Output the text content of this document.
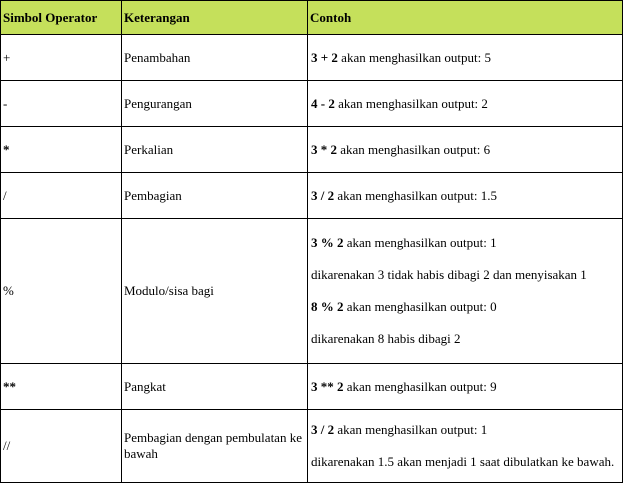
Simbol Operator	Keterangan	Contoh
+	Penambahan	3 + 2 akan menghasilkan output: 5

-	Pengurangan	4 - 2 akan menghasilkan output: 2

*	Perkalian	3 * 2 akan menghasilkan output: 6

/	Pembagian	3 / 2 akan menghasilkan output: 1.5

%	Modulo/sisa bagi	3 % 2 akan menghasilkan output: 1

dikarenakan 3 tidak habis dibagi 2 dan menyisakan 1

8 % 2 akan menghasilkan output: 0

dikarenakan 8 habis dibagi 2

**	Pangkat	3 ** 2 akan menghasilkan output: 9

//	Pembagian dengan pembulatan ke bawah	3 / 2 akan menghasilkan output: 1

dikarenakan 1.5 akan menjadi 1 saat dibulatkan ke bawah.
